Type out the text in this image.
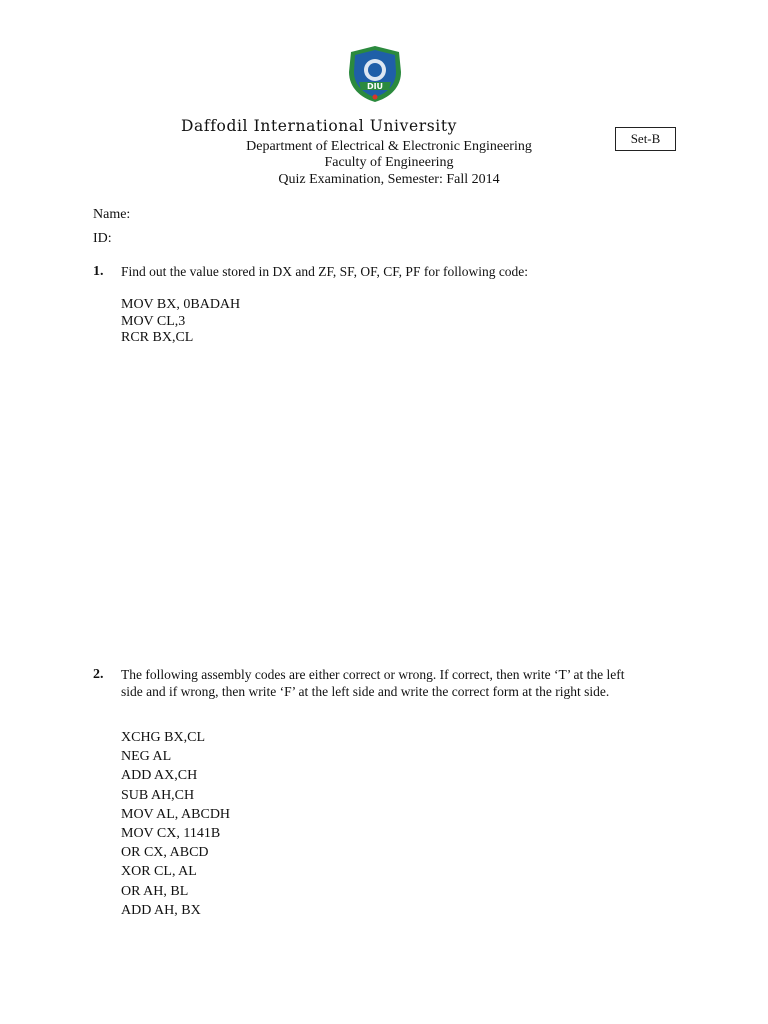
DIU
Daffodil International University
Department of Electrical & Electronic Engineering
Faculty of Engineering
Quiz Examination, Semester: Fall 2014
Set-B
Name:
ID:
1. Find out the value stored in DX and ZF, SF, OF, CF, PF for following code:
MOV BX, 0BADAH
MOV CL,3
RCR BX,CL
2. The following assembly codes are either correct or wrong. If correct, then write ‘T’ at the left side and if wrong, then write ‘F’ at the left side and write the correct form at the right side.
XCHG BX,CL
NEG AL
ADD AX,CH
SUB AH,CH
MOV AL, ABCDH
MOV CX, 1141B
OR CX, ABCD
XOR CL, AL
OR AH, BL
ADD AH, BX
